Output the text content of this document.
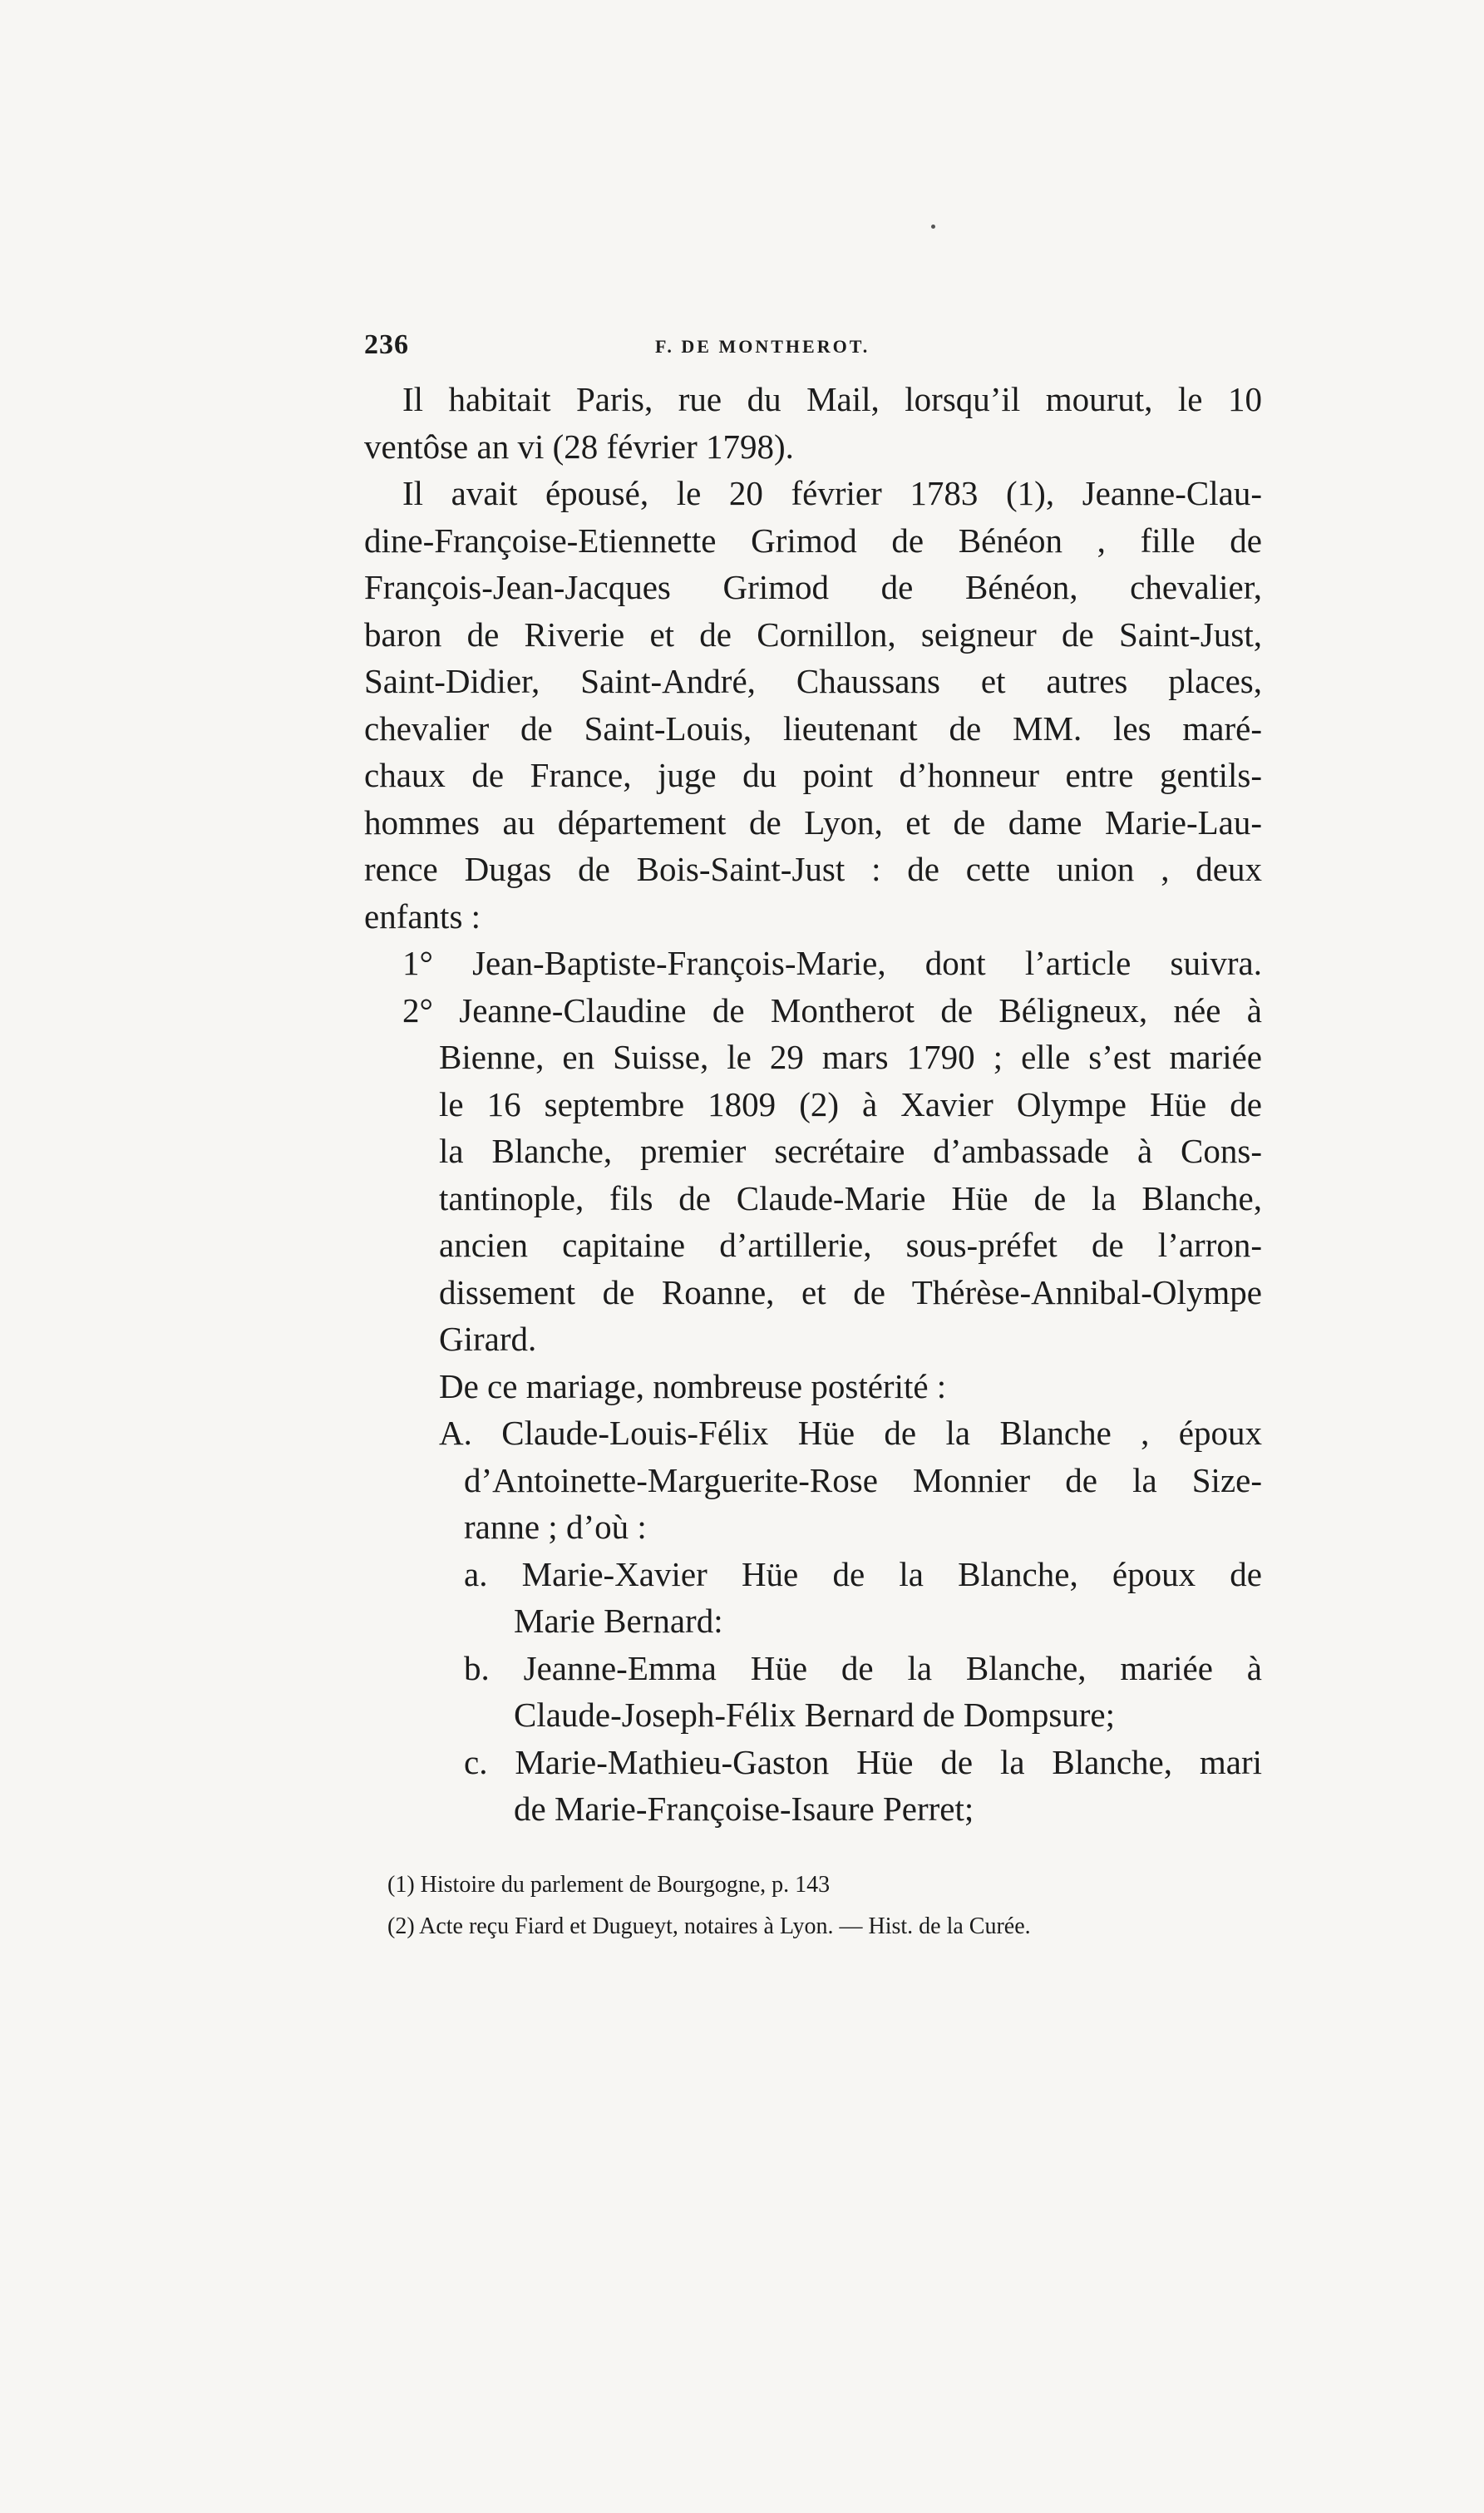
236	F. DE MONTHEROT.
Il habitait Paris, rue du Mail, lorsqu’il mourut, le 10
ventôse an vi (28 février 1798).
Il avait épousé, le 20 février 1783 (1), Jeanne-Clau-
dine-Françoise-Etiennette Grimod de Bénéon , fille de
François-Jean-Jacques Grimod de Bénéon, chevalier,
baron de Riverie et de Cornillon, seigneur de Saint-Just,
Saint-Didier, Saint-André, Chaussans et autres places,
chevalier de Saint-Louis, lieutenant de MM. les maré-
chaux de France, juge du point d’honneur entre gentils-
hommes au département de Lyon, et de dame Marie-Lau-
rence Dugas de Bois-Saint-Just : de cette union , deux
enfants :
1° Jean-Baptiste-François-Marie, dont l’article suivra.
2° Jeanne-Claudine de Montherot de Béligneux, née à
Bienne, en Suisse, le 29 mars 1790 ; elle s’est mariée
le 16 septembre 1809 (2) à Xavier Olympe Hüe de
la Blanche, premier secrétaire d’ambassade à Cons-
tantinople, fils de Claude-Marie Hüe de la Blanche,
ancien capitaine d’artillerie, sous-préfet de l’arron-
dissement de Roanne, et de Thérèse-Annibal-Olympe
Girard.
De ce mariage, nombreuse postérité :
A. Claude-Louis-Félix Hüe de la Blanche , époux
d’Antoinette-Marguerite-Rose Monnier de la Size-
ranne ; d’où :
a. Marie-Xavier Hüe de la Blanche, époux de
Marie Bernard:
b. Jeanne-Emma Hüe de la Blanche, mariée à
Claude-Joseph-Félix Bernard de Dompsure;
c. Marie-Mathieu-Gaston Hüe de la Blanche, mari
de Marie-Françoise-Isaure Perret;
(1) Histoire du parlement de Bourgogne, p. 143
(2) Acte reçu Fiard et Dugueyt, notaires à Lyon. — Hist. de la Curée.
